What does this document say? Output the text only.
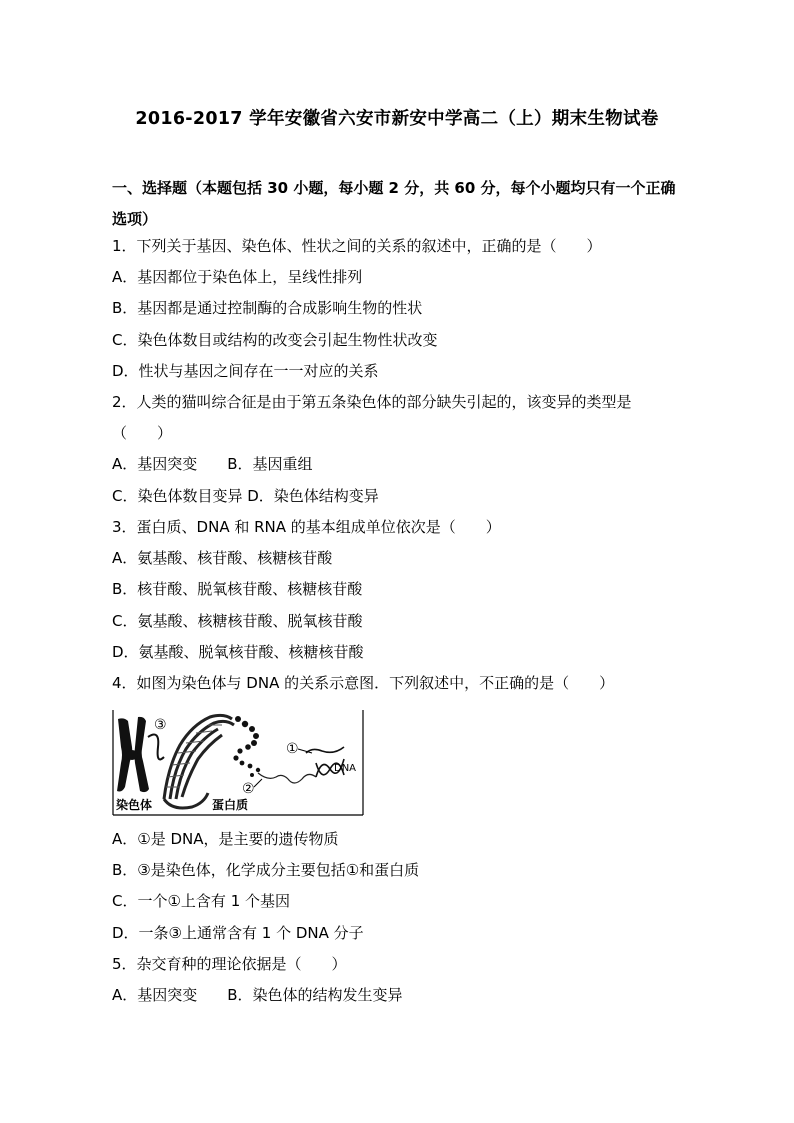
2016-2017 学年安徽省六安市新安中学高二（上）期末生物试卷
一、选择题（本题包括 30 小题，每小题 2 分，共 60 分，每个小题均只有一个正确选项）
1．下列关于基因、染色体、性状之间的关系的叙述中，正确的是（　　）
A．基因都位于染色体上，呈线性排列
B．基因都是通过控制酶的合成影响生物的性状
C．染色体数目或结构的改变会引起生物性状改变
D．性状与基因之间存在一一对应的关系
2．人类的猫叫综合征是由于第五条染色体的部分缺失引起的，该变异的类型是
（　　）
A．基因突变　　B．基因重组
C．染色体数目变异 D．染色体结构变异
3．蛋白质、DNA 和 RNA 的基本组成单位依次是（　　）
A．氨基酸、核苷酸、核糖核苷酸
B．核苷酸、脱氧核苷酸、核糖核苷酸
C．氨基酸、核糖核苷酸、脱氧核苷酸
D．氨基酸、脱氧核苷酸、核糖核苷酸
4．如图为染色体与 DNA 的关系示意图．下列叙述中，不正确的是（　　）
③
①
②
DNA
染色体	蛋白质
A．①是 DNA，是主要的遗传物质
B．③是染色体，化学成分主要包括①和蛋白质
C．一个①上含有 1 个基因
D．一条③上通常含有 1 个 DNA 分子
5．杂交育种的理论依据是（　　）
A．基因突变　　B．染色体的结构发生变异
